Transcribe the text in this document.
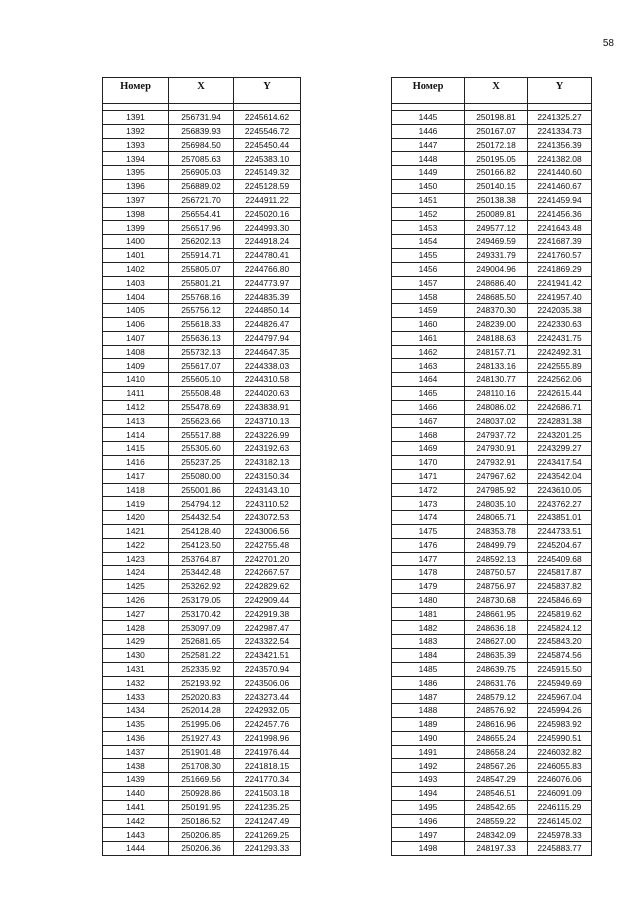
58
Номер	X	Y

1391	256731.94	2245614.62
1392	256839.93	2245546.72
1393	256984.50	2245450.44
1394	257085.63	2245383.10
1395	256905.03	2245149.32
1396	256889.02	2245128.59
1397	256721.70	2244911.22
1398	256554.41	2245020.16
1399	256517.96	2244993.30
1400	256202.13	2244918.24
1401	255914.71	2244780.41
1402	255805.07	2244766.80
1403	255801.21	2244773.97
1404	255768.16	2244835.39
1405	255756.12	2244850.14
1406	255618.33	2244826.47
1407	255636.13	2244797.94
1408	255732.13	2244647.35
1409	255617.07	2244338.03
1410	255605.10	2244310.58
1411	255508.48	2244020.63
1412	255478.69	2243838.91
1413	255623.66	2243710.13
1414	255517.88	2243226.99
1415	255305.60	2243192.63
1416	255237.25	2243182.13
1417	255080.00	2243150.34
1418	255001.86	2243143.10
1419	254794.12	2243110.52
1420	254432.54	2243072.53
1421	254128.40	2243006.56
1422	254123.50	2242755.48
1423	253764.87	2242701.20
1424	253442.48	2242667.57
1425	253262.92	2242829.62
1426	253179.05	2242909.44
1427	253170.42	2242919.38
1428	253097.09	2242987.47
1429	252681.65	2243322.54
1430	252581.22	2243421.51
1431	252335.92	2243570.94
1432	252193.92	2243506.06
1433	252020.83	2243273.44
1434	252014.28	2242932.05
1435	251995.06	2242457.76
1436	251927.43	2241998.96
1437	251901.48	2241976.44
1438	251708.30	2241818.15
1439	251669.56	2241770.34
1440	250928.86	2241503.18
1441	250191.95	2241235.25
1442	250186.52	2241247.49
1443	250206.85	2241269.25
1444	250206.36	2241293.33
Номер	X	Y

1445	250198.81	2241325.27
1446	250167.07	2241334.73
1447	250172.18	2241356.39
1448	250195.05	2241382.08
1449	250166.82	2241440.60
1450	250140.15	2241460.67
1451	250138.38	2241459.94
1452	250089.81	2241456.36
1453	249577.12	2241643.48
1454	249469.59	2241687.39
1455	249331.79	2241760.57
1456	249004.96	2241869.29
1457	248686.40	2241941.42
1458	248685.50	2241957.40
1459	248370.30	2242035.38
1460	248239.00	2242330.63
1461	248188.63	2242431.75
1462	248157.71	2242492.31
1463	248133.16	2242555.89
1464	248130.77	2242562.06
1465	248110.16	2242615.44
1466	248086.02	2242686.71
1467	248037.02	2242831.38
1468	247937.72	2243201.25
1469	247930.91	2243299.27
1470	247932.91	2243417.54
1471	247967.62	2243542.04
1472	247985.92	2243610.05
1473	248035.10	2243762.27
1474	248065.71	2243851.01
1475	248353.78	2244733.51
1476	248499.79	2245204.67
1477	248592.13	2245409.68
1478	248750.57	2245817.87
1479	248756.97	2245837.82
1480	248730.68	2245846.69
1481	248661.95	2245819.62
1482	248636.18	2245824.12
1483	248627.00	2245843.20
1484	248635.39	2245874.56
1485	248639.75	2245915.50
1486	248631.76	2245949.69
1487	248579.12	2245967.04
1488	248576.92	2245994.26
1489	248616.96	2245983.92
1490	248655.24	2245990.51
1491	248658.24	2246032.82
1492	248567.26	2246055.83
1493	248547.29	2246076.06
1494	248546.51	2246091.09
1495	248542.65	2246115.29
1496	248559.22	2246145.02
1497	248342.09	2245978.33
1498	248197.33	2245883.77
